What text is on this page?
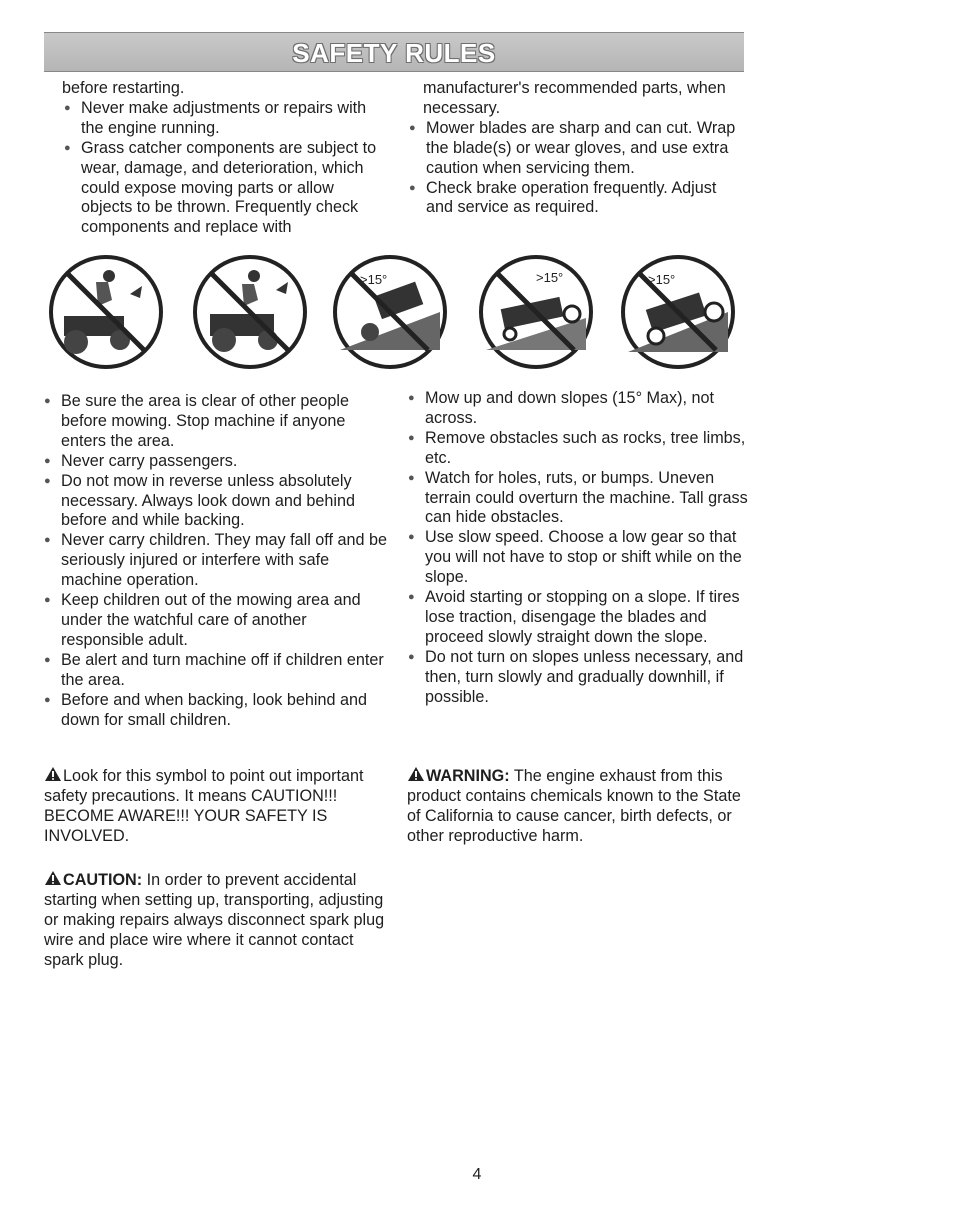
SAFETY RULES

before restarting.

● Never make adjustments or repairs with the engine running.

● Grass catcher components are subject to wear, damage, and deterioration, which could expose moving parts or allow objects to be thrown. Frequently check components and replace with

manufacturer's recommended parts, when necessary.

● Mower blades are sharp and can cut. Wrap the blade(s) or wear gloves, and use extra caution when servicing them.

● Check brake operation frequently. Adjust and service as required.

>15°	>15°	>15°

● Be sure the area is clear of other people before mowing. Stop machine if anyone enters the area.

● Never carry passengers.

● Do not mow in reverse unless absolutely necessary. Always look down and behind before and while backing.

● Never carry children. They may fall off and be seriously injured or interfere with safe machine operation.

● Keep children out of the mowing area and under the watchful care of another responsible adult.

● Be alert and turn machine off if children enter the area.

● Before and when backing, look behind and down for small children.

● Mow up and down slopes (15° Max), not across.

● Remove obstacles such as rocks, tree limbs, etc.

● Watch for holes, ruts, or bumps. Uneven terrain could overturn the machine. Tall grass can hide obstacles.

● Use slow speed. Choose a low gear so that you will not have to stop or shift while on the slope.

● Avoid starting or stopping on a slope. If tires lose traction, disengage the blades and proceed slowly straight down the slope.

● Do not turn on slopes unless necessary, and then, turn slowly and gradually downhill, if possible.

Look for this symbol to point out important safety precautions. It means CAUTION!!! BECOME AWARE!!! YOUR SAFETY IS INVOLVED.

CAUTION: In order to prevent accidental starting when setting up, transporting, adjusting or making repairs always disconnect spark plug wire and place wire where it cannot contact spark plug.

WARNING: The engine exhaust from this product contains chemicals known to the State of California to cause cancer, birth defects, or other reproductive harm.

4
